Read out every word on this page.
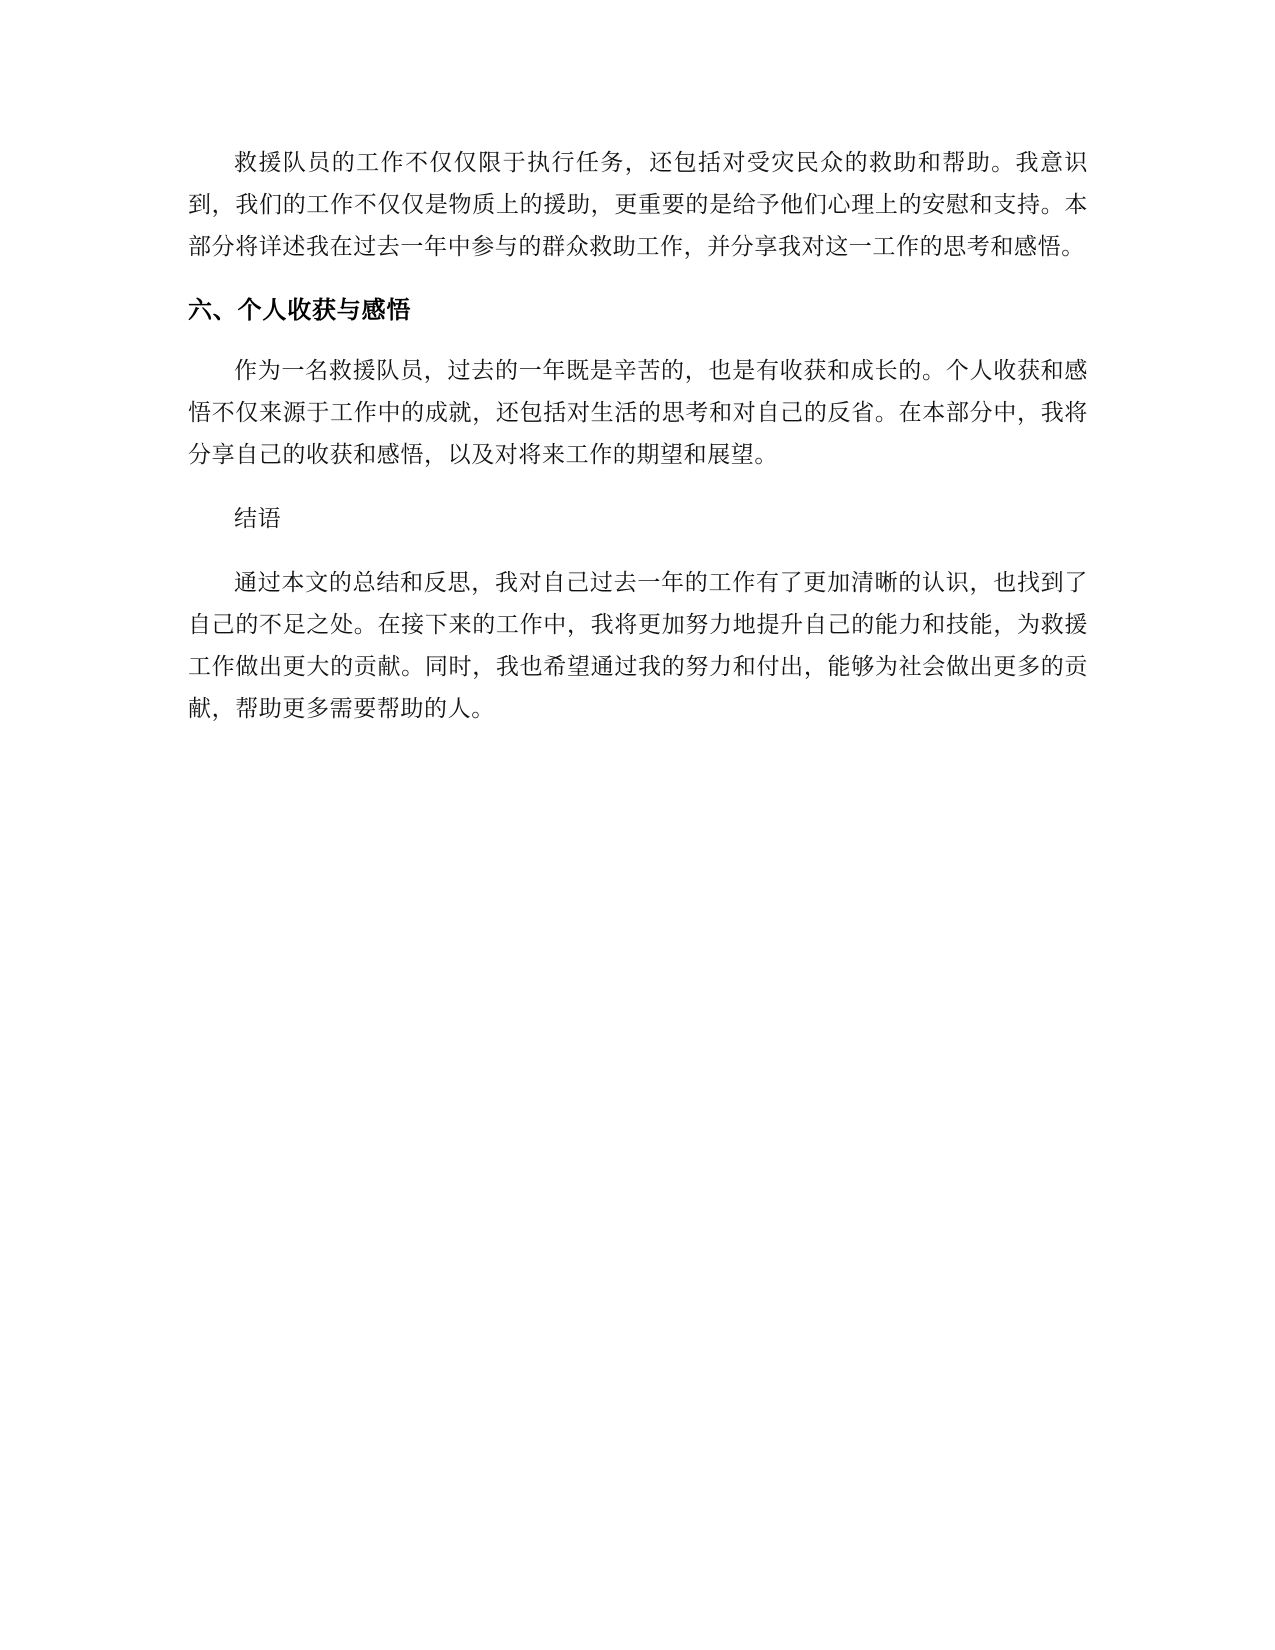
救援队员的工作不仅仅限于执行任务，还包括对受灾民众的救助和帮助。我意识到，我们的工作不仅仅是物质上的援助，更重要的是给予他们心理上的安慰和支持。本部分将详述我在过去一年中参与的群众救助工作，并分享我对这一工作的思考和感悟。

六、个人收获与感悟

作为一名救援队员，过去的一年既是辛苦的，也是有收获和成长的。个人收获和感悟不仅来源于工作中的成就，还包括对生活的思考和对自己的反省。在本部分中，我将分享自己的收获和感悟，以及对将来工作的期望和展望。

结语

通过本文的总结和反思，我对自己过去一年的工作有了更加清晰的认识，也找到了自己的不足之处。在接下来的工作中，我将更加努力地提升自己的能力和技能，为救援工作做出更大的贡献。同时，我也希望通过我的努力和付出，能够为社会做出更多的贡献，帮助更多需要帮助的人。
